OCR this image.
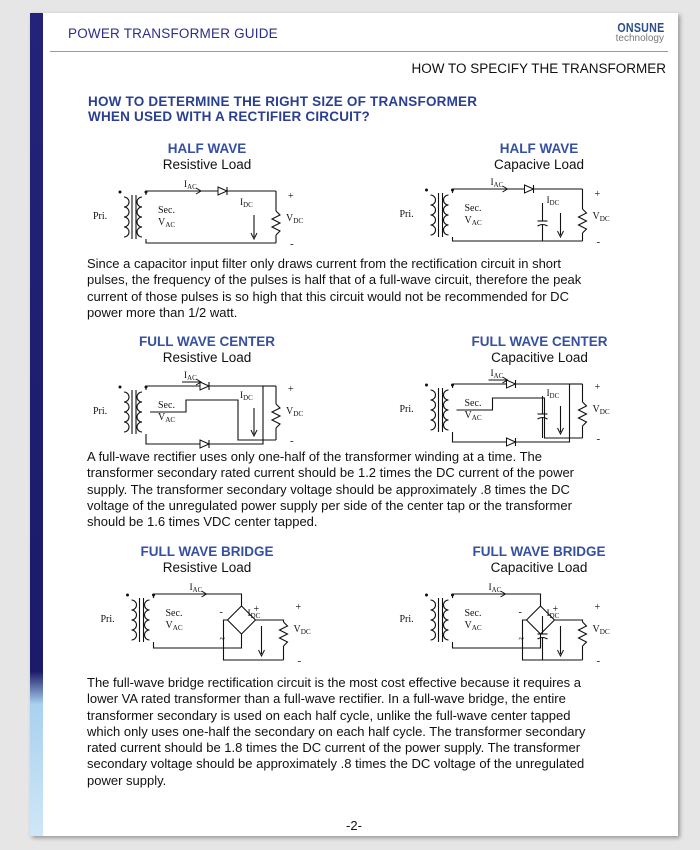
POWER TRANSFORMER GUIDE	ONSUNE
technology
HOW TO SPECIFY THE TRANSFORMER
HOW TO DETERMINE THE RIGHT SIZE OF TRANSFORMER
WHEN USED WITH A RECTIFIER CIRCUIT?
HALF WAVE
Resistive Load
HALF WAVE
Capacive Load
FULL WAVE CENTER
Resistive Load
FULL WAVE CENTER
Capacitive Load
FULL WAVE BRIDGE
Resistive Load
FULL WAVE BRIDGE
Capacitive Load
Pri.
Sec.
$V_{AC}$
$I_{AC}$
$I_{DC}$
+
$V_{DC}$
-
Pri.
Sec.
$V_{AC}$
$I_{AC}$
$I_{DC}$
+
$V_{DC}$
-
Pri.
Sec.
$V_{AC}$
$I_{AC}$
$I_{DC}$
+
$V_{DC}$
-
Pri.
Sec.
$V_{AC}$
$I_{AC}$
$I_{DC}$
+
$V_{DC}$
-
Pri.
Sec.
$V_{AC}$
$I_{AC}$
-	+
~
$I_{DC}$
+
$V_{DC}$
-
Pri.
Sec.
$V_{AC}$
$I_{AC}$
-	+
~
$I_{DC}$
+
$V_{DC}$
-
Since a capacitor input filter only draws current from the rectification circuit in short
pulses, the frequency of the pulses is half that of a full-wave circuit, therefore the peak
current of those pulses is so high that this circuit would not be recommended for DC
power more than 1/2 watt.
A full-wave rectifier uses only one-half of the transformer winding at a time. The
transformer secondary rated current should be 1.2 times the DC current of the power
supply. The transformer secondary voltage should be approximately .8 times the DC
voltage of the unregulated power supply per side of the center tap or the transformer
should be 1.6 times VDC center tapped.
The full-wave bridge rectification circuit is the most cost effective because it requires a
lower VA rated transformer than a full-wave rectifier. In a full-wave bridge, the entire
transformer secondary is used on each half cycle, unlike the full-wave center tapped
which only uses one-half the secondary on each half cycle. The transformer secondary
rated current should be 1.8 times the DC current of the power supply. The transformer
secondary voltage should be approximately .8 times the DC voltage of the unregulated
power supply.
-2-
